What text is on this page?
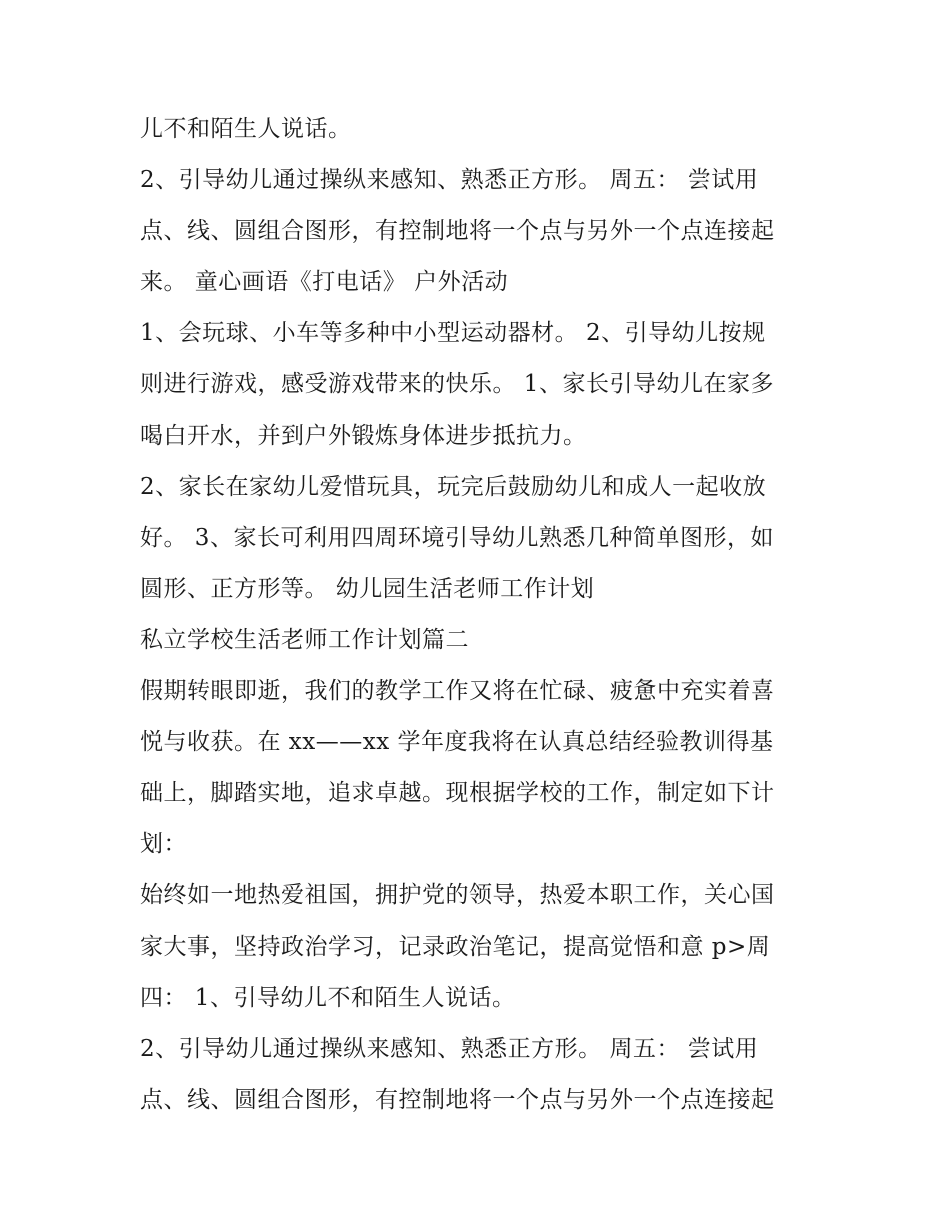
儿不和陌生人说话。
2、引导幼儿通过操纵来感知、熟悉正方形。 周五： 尝试用
点、线、圆组合图形，有控制地将一个点与另外一个点连接起
来。 童心画语《打电话》 户外活动
1、会玩球、小车等多种中小型运动器材。 2、引导幼儿按规
则进行游戏，感受游戏带来的快乐。 1、家长引导幼儿在家多
喝白开水，并到户外锻炼身体进步抵抗力。
2、家长在家幼儿爱惜玩具，玩完后鼓励幼儿和成人一起收放
好。 3、家长可利用四周环境引导幼儿熟悉几种简单图形，如
圆形、正方形等。 幼儿园生活老师工作计划
私立学校生活老师工作计划篇二
假期转眼即逝，我们的教学工作又将在忙碌、疲惫中充实着喜
悦与收获。在 xx——xx 学年度我将在认真总结经验教训得基
础上，脚踏实地，追求卓越。现根据学校的工作，制定如下计
划：
始终如一地热爱祖国，拥护党的领导，热爱本职工作，关心国
家大事，坚持政治学习，记录政治笔记，提高觉悟和意 p>周
四： 1、引导幼儿不和陌生人说话。
2、引导幼儿通过操纵来感知、熟悉正方形。 周五： 尝试用
点、线、圆组合图形，有控制地将一个点与另外一个点连接起
